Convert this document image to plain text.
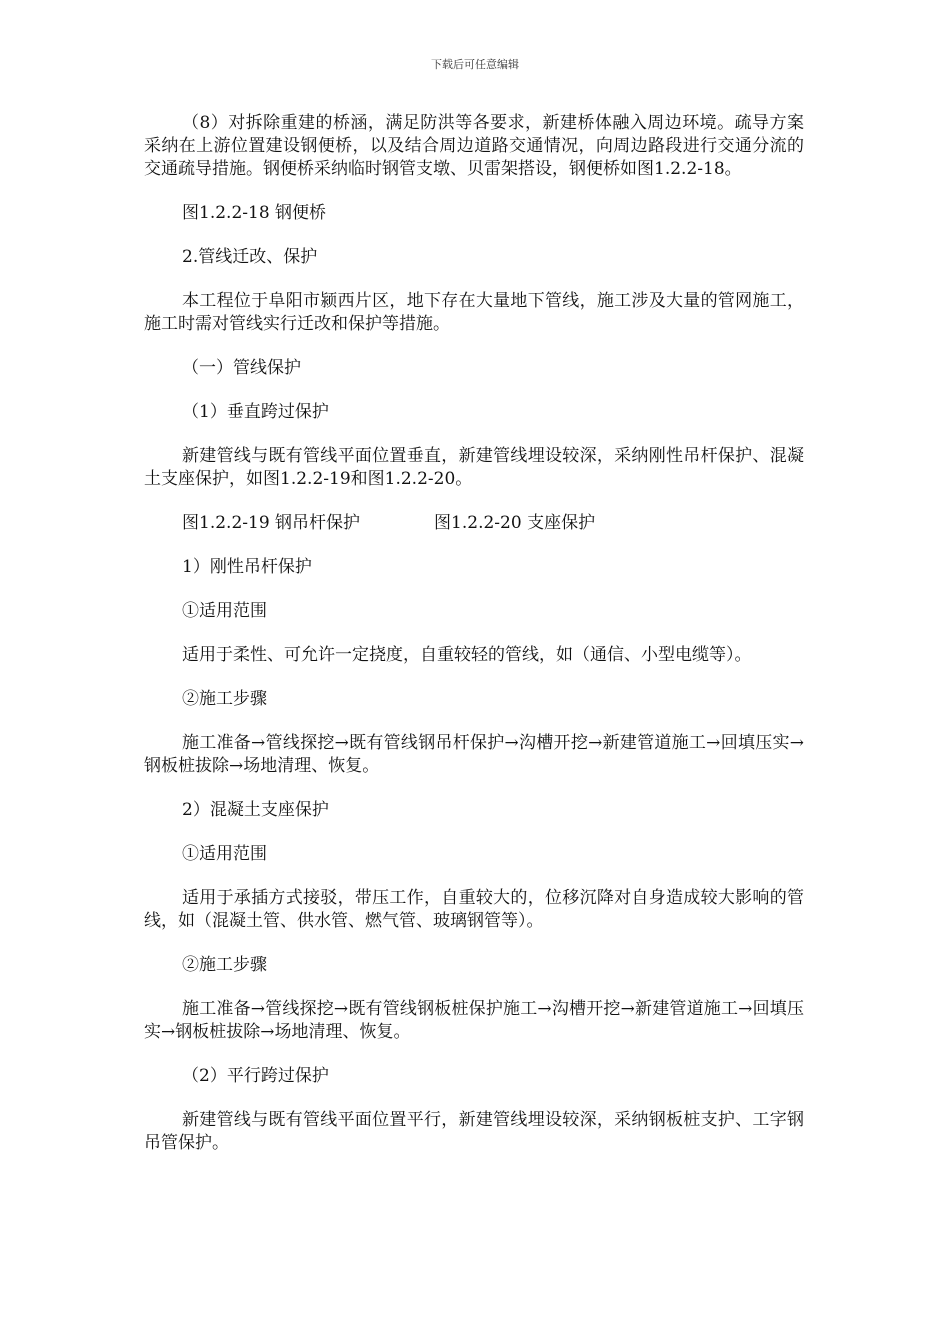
下载后可任意编辑

（8）对拆除重建的桥涵，满足防洪等各要求，新建桥体融入周边环境。疏导方案采纳在上游位置建设钢便桥，以及结合周边道路交通情况，向周边路段进行交通分流的交通疏导措施。钢便桥采纳临时钢管支墩、贝雷架搭设，钢便桥如图1.2.2-18。

图1.2.2-18 钢便桥

2.管线迁改、保护

本工程位于阜阳市颍西片区，地下存在大量地下管线，施工涉及大量的管网施工，施工时需对管线实行迁改和保护等措施。

（一）管线保护

（1）垂直跨过保护

新建管线与既有管线平面位置垂直，新建管线埋设较深，采纳刚性吊杆保护、混凝土支座保护，如图1.2.2-19和图1.2.2-20。

图1.2.2-19 钢吊杆保护	图1.2.2-20 支座保护

1）刚性吊杆保护

①适用范围

适用于柔性、可允许一定挠度，自重较轻的管线，如（通信、小型电缆等）。

②施工步骤

施工准备→管线探挖→既有管线钢吊杆保护→沟槽开挖→新建管道施工→回填压实→钢板桩拔除→场地清理、恢复。

2）混凝土支座保护

①适用范围

适用于承插方式接驳，带压工作，自重较大的，位移沉降对自身造成较大影响的管线，如（混凝土管、供水管、燃气管、玻璃钢管等）。

②施工步骤

施工准备→管线探挖→既有管线钢板桩保护施工→沟槽开挖→新建管道施工→回填压实→钢板桩拔除→场地清理、恢复。

（2）平行跨过保护

新建管线与既有管线平面位置平行，新建管线埋设较深，采纳钢板桩支护、工字钢吊管保护。
